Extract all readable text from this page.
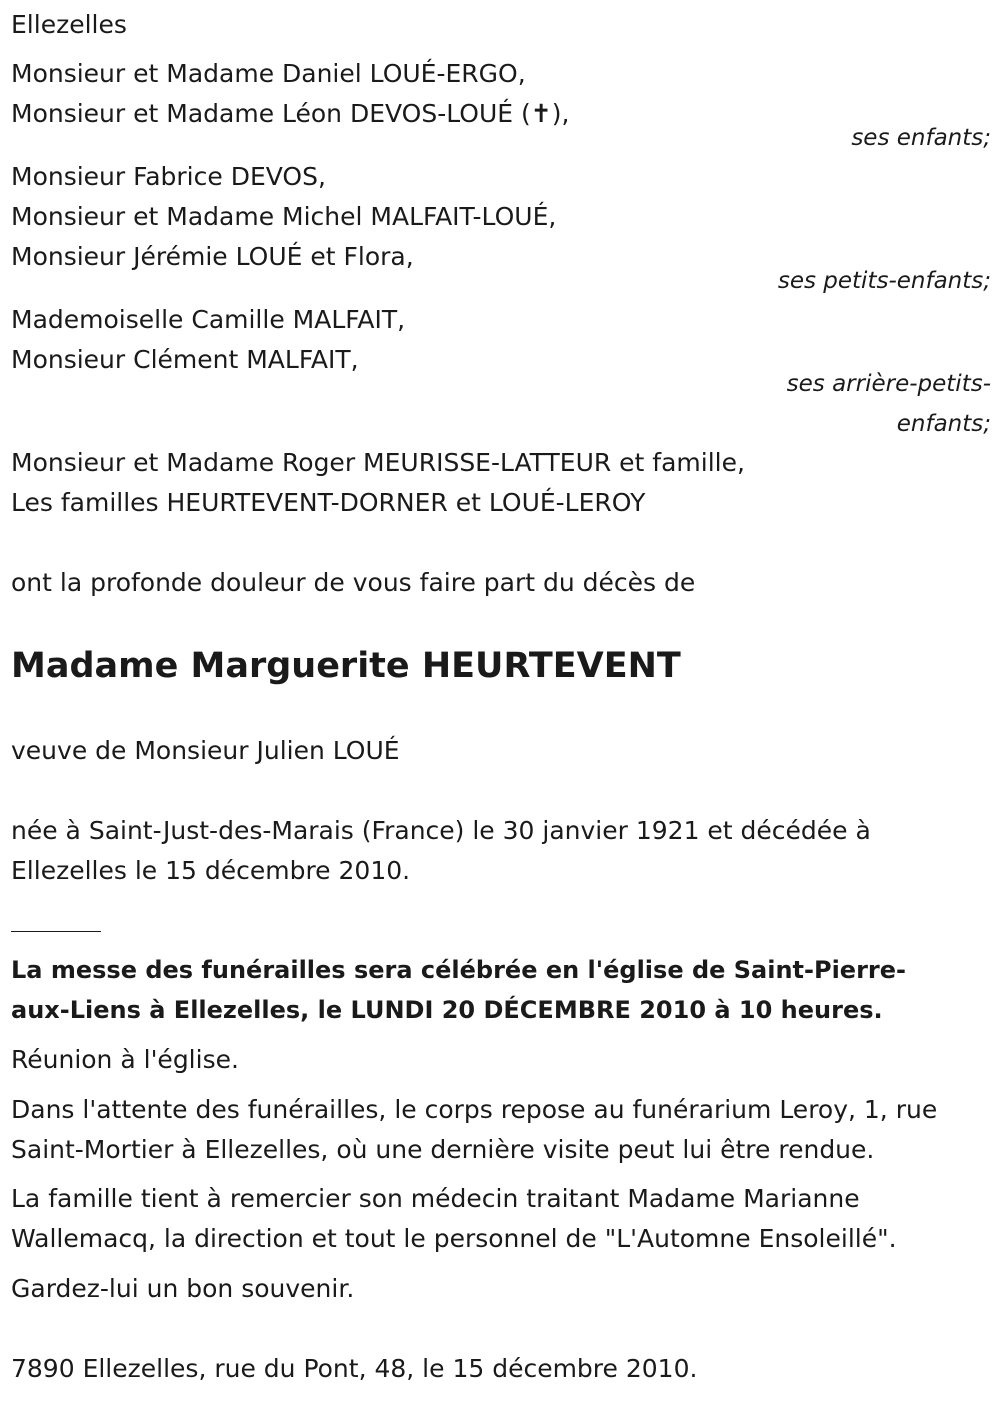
Ellezelles
Monsieur et Madame Daniel LOUÉ-ERGO,
Monsieur et Madame Léon DEVOS-LOUÉ (✝),
ses enfants;
Monsieur Fabrice DEVOS,
Monsieur et Madame Michel MALFAIT-LOUÉ,
Monsieur Jérémie LOUÉ et Flora,
ses petits-enfants;
Mademoiselle Camille MALFAIT,
Monsieur Clément MALFAIT,
ses arrière-petits-
enfants;
Monsieur et Madame Roger MEURISSE-LATTEUR et famille,
Les familles HEURTEVENT-DORNER et LOUÉ-LEROY
ont la profonde douleur de vous faire part du décès de
Madame Marguerite HEURTEVENT
veuve de Monsieur Julien LOUÉ
née à Saint-Just-des-Marais (France) le 30 janvier 1921 et décédée à
Ellezelles le 15 décembre 2010.
La messe des funérailles sera célébrée en l'église de Saint-Pierre-
aux-Liens à Ellezelles, le LUNDI 20 DÉCEMBRE 2010 à 10 heures.
Réunion à l'église.
Dans l'attente des funérailles, le corps repose au funérarium Leroy, 1, rue
Saint-Mortier à Ellezelles, où une dernière visite peut lui être rendue.
La famille tient à remercier son médecin traitant Madame Marianne
Wallemacq, la direction et tout le personnel de "L'Automne Ensoleillé".
Gardez-lui un bon souvenir.
7890 Ellezelles, rue du Pont, 48, le 15 décembre 2010.
